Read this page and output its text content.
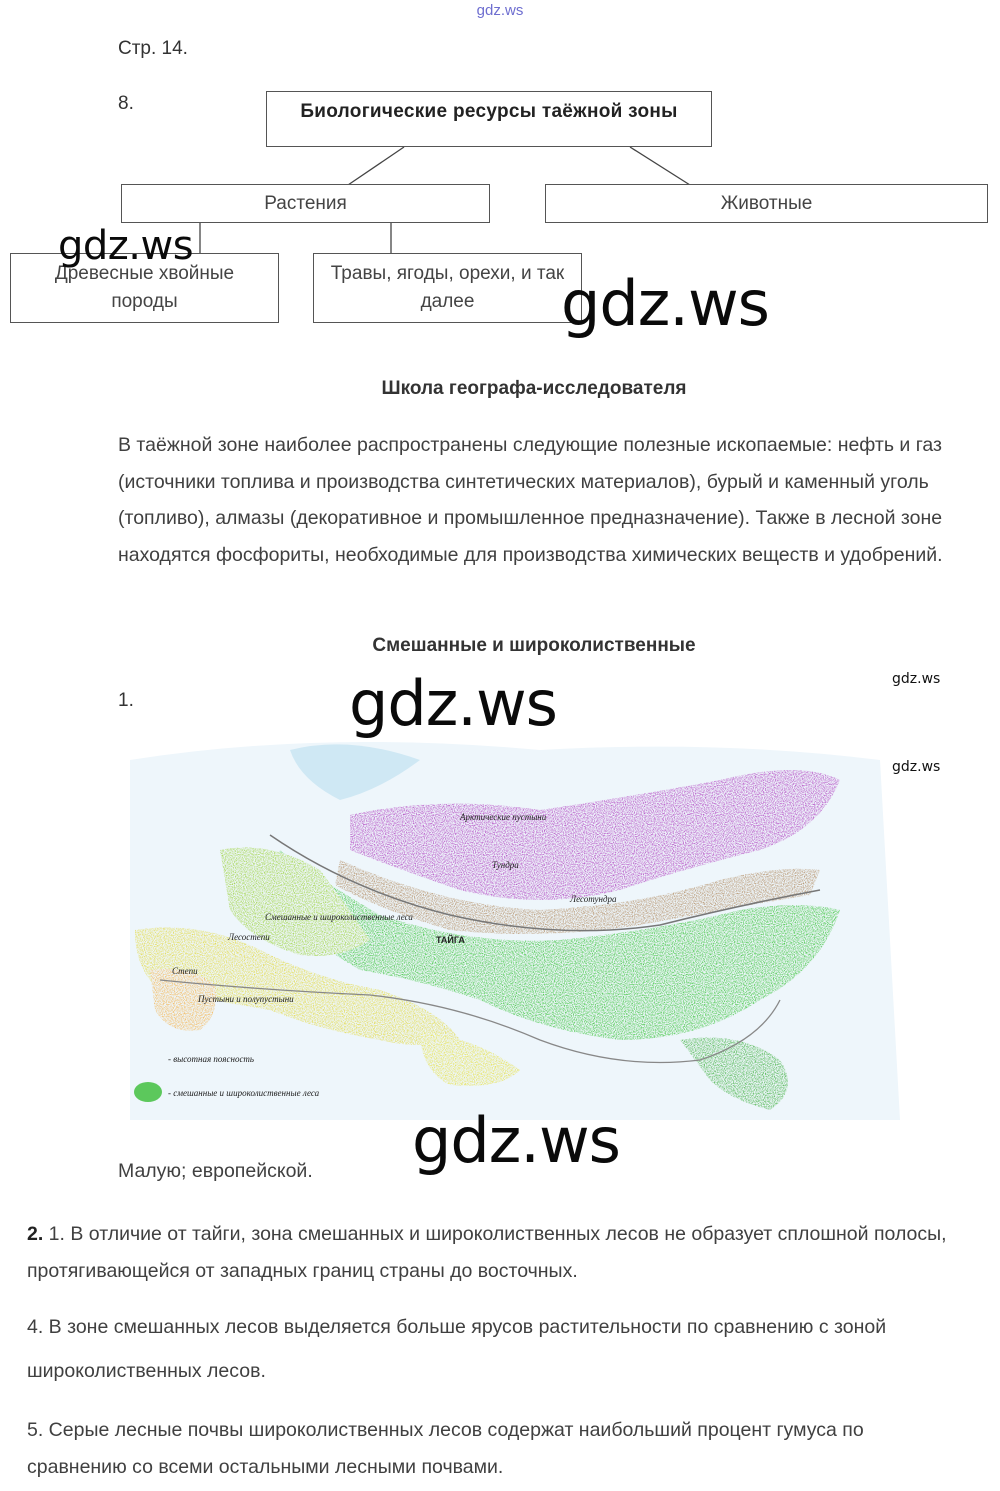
gdz.ws
Стр. 14.
8.	Биологические ресурсы таёжной зоны
Растения	Животные
Древесные хвойные породы
Травы, ягоды, орехи, и так далее
gdz.ws
gdz.ws
Школа географа-исследователя

В таёжной зоне наиболее распространены следующие полезные ископаемые: нефть и газ (источники топлива и производства синтетических материалов), бурый и каменный уголь (топливо), алмазы (декоративное и промышленное предназначение). Также в лесной зоне находятся фосфориты, необходимые для производства химических веществ и удобрений.

Смешанные и широколиственные
1.	gdz.ws	gdz.ws
gdz.ws
Арктические пустыни
Тундра
Лесотундра
Смешанные и широколиственные леса
Лесостепи	ТАЙГА
Степи
Пустыни и полупустыни
- высотная поясность
- смешанные и широколиственные леса
gdz.ws
Малую; европейской.

2. 1. В отличие от тайги, зона смешанных и широколиственных лесов не образует сплошной полосы, протягивающейся от западных границ страны до восточных.

4. В зоне смешанных лесов выделяется больше ярусов растительности по сравнению с зоной широколиственных лесов.

5. Серые лесные почвы широколиственных лесов содержат наибольший процент гумуса по сравнению со всеми остальными лесными почвами.
